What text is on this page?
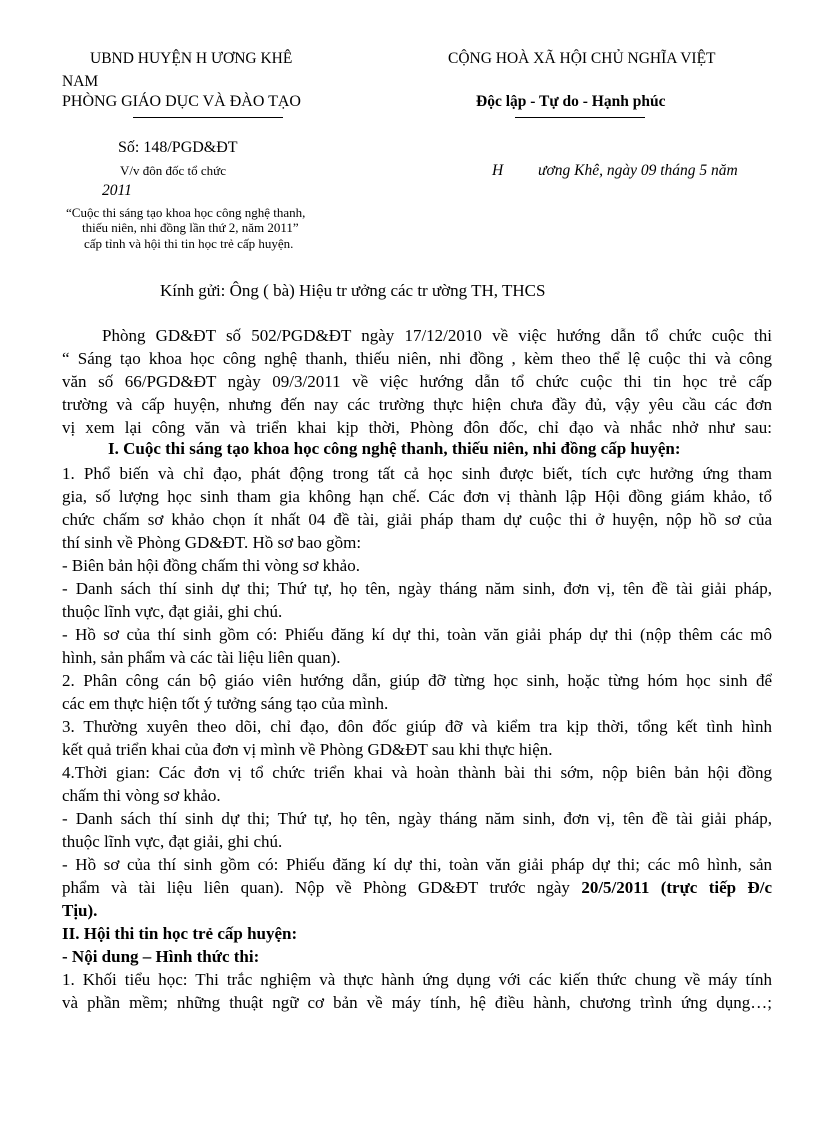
UBND HUYỆN H ƯƠNG KHÊ
NAM
PHÒNG GIÁO DỤC VÀ ĐÀO TẠO
CỘNG HOÀ XÃ HỘI CHỦ NGHĨA VIỆT
Độc lập - Tự do - Hạnh phúc
Số: 148/PGD&ĐT
V/v đôn đốc tổ chức
2011
“Cuộc thi sáng tạo khoa học công nghệ thanh,
thiếu niên, nhi đồng lần thứ 2, năm 2011”
cấp tỉnh và hội thi tin học trẻ cấp huyện.
H ương Khê, ngày 09 tháng 5 năm
Kính gửi: Ông ( bà) Hiệu tr ưởng các tr ường TH, THCS
Phòng GD&ĐT số 502/PGD&ĐT ngày 17/12/2010 về việc hướng dẫn tổ chức cuộc thi
“ Sáng tạo khoa học công nghệ thanh, thiếu niên, nhi đồng , kèm theo thể lệ cuộc thi và công
văn số 66/PGD&ĐT ngày 09/3/2011 về việc hướng dẫn tổ chức cuộc thi tin học trẻ cấp
trường và cấp huyện, nhưng đến nay các trường thực hiện chưa đầy đủ, vậy yêu cầu các đơn
vị xem lại công văn và triển khai kịp thời, Phòng đôn đốc, chỉ đạo và nhắc nhở như sau:
I. Cuộc thi sáng tạo khoa học công nghệ thanh, thiếu niên, nhi đồng cấp huyện:
1. Phổ biến và chỉ đạo, phát động trong tất cả học sinh được biết, tích cực hưởng ứng tham
gia, số lượng học sinh tham gia không hạn chế. Các đơn vị thành lập Hội đồng giám khảo, tổ
chức chấm sơ khảo chọn ít nhất 04 đề tài, giải pháp tham dự cuộc thi ở huyện, nộp hồ sơ của
thí sinh về Phòng GD&ĐT. Hồ sơ bao gồm:
- Biên bản hội đồng chấm thi vòng sơ khảo.
- Danh sách thí sinh dự thi; Thứ tự, họ tên, ngày tháng năm sinh, đơn vị, tên đề tài giải pháp,
thuộc lĩnh vực, đạt giải, ghi chú.
- Hồ sơ của thí sinh gồm có: Phiếu đăng kí dự thi, toàn văn giải pháp dự thi (nộp thêm các mô
hình, sản phẩm và các tài liệu liên quan).
2. Phân công cán bộ giáo viên hướng dẫn, giúp đỡ từng học sinh, hoặc từng hóm học sinh để
các em thực hiện tốt ý tưởng sáng tạo của mình.
3. Thường xuyên theo dõi, chỉ đạo, đôn đốc giúp đỡ và kiểm tra kịp thời, tổng kết tình hình
kết quả triển khai của đơn vị mình về Phòng GD&ĐT sau khi thực hiện.
4.Thời gian: Các đơn vị tổ chức triển khai và hoàn thành bài thi sớm, nộp biên bản hội đồng
chấm thi vòng sơ khảo.
- Danh sách thí sinh dự thi; Thứ tự, họ tên, ngày tháng năm sinh, đơn vị, tên đề tài giải pháp,
thuộc lĩnh vực, đạt giải, ghi chú.
- Hồ sơ của thí sinh gồm có: Phiếu đăng kí dự thi, toàn văn giải pháp dự thi; các mô hình, sản
phẩm và tài liệu liên quan). Nộp về Phòng GD&ĐT trước ngày 20/5/2011 (trực tiếp Đ/c
Tịu).
II. Hội thi tin học trẻ cấp huyện:
- Nội dung – Hình thức thi:
1. Khối tiểu học: Thi trắc nghiệm và thực hành ứng dụng với các kiến thức chung về máy tính
và phần mềm; những thuật ngữ cơ bản về máy tính, hệ điều hành, chương trình ứng dụng…;
